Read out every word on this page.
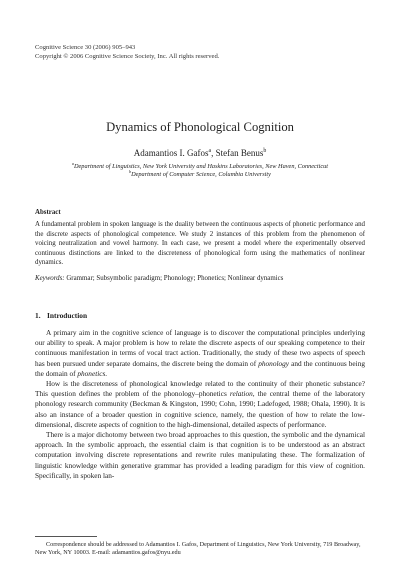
Cognitive Science 30 (2006) 905–943
Copyright © 2006 Cognitive Science Society, Inc. All rights reserved.
Dynamics of Phonological Cognition
Adamantios I. Gafos$^a$, Stefan Benus$^b$
$^a$Department of Linguistics, New York University and Haskins Laboratories, New Haven, Connecticut
$^b$Department of Computer Science, Columbia University
Abstract
A fundamental problem in spoken language is the duality between the continuous aspects of phonetic performance and the discrete aspects of phonological competence. We study 2 instances of this problem from the phenomenon of voicing neutralization and vowel harmony. In each case, we present a model where the experimentally observed continuous distinctions are linked to the discreteness of phonological form using the mathematics of nonlinear dynamics.
Keywords: Grammar; Subsymbolic paradigm; Phonology; Phonetics; Nonlinear dynamics
1. Introduction

A primary aim in the cognitive science of language is to discover the computational principles underlying our ability to speak. A major problem is how to relate the discrete aspects of our speaking competence to their continuous manifestation in terms of vocal tract action. Traditionally, the study of these two aspects of speech has been pursued under separate domains, the discrete being the domain of phonology and the continuous being the domain of phonetics.

How is the discreteness of phonological knowledge related to the continuity of their phonetic substance? This question defines the problem of the phonology–phonetics relation, the central theme of the laboratory phonology research community (Beckman & Kingston, 1990; Cohn, 1990; Ladefoged, 1988; Ohala, 1990). It is also an instance of a broader question in cognitive science, namely, the question of how to relate the low-dimensional, discrete aspects of cognition to the high-dimensional, detailed aspects of performance.

There is a major dichotomy between two broad approaches to this question, the symbolic and the dynamical approach. In the symbolic approach, the essential claim is that cognition is to be understood as an abstract computation involving discrete representations and rewrite rules manipulating these. The formalization of linguistic knowledge within generative grammar has provided a leading paradigm for this view of cognition. Specifically, in spoken lan-

Correspondence should be addressed to Adamantios I. Gafos, Department of Linguistics, New York University, 719 Broadway, New York, NY 10003. E-mail: adamantios.gafos@nyu.edu
